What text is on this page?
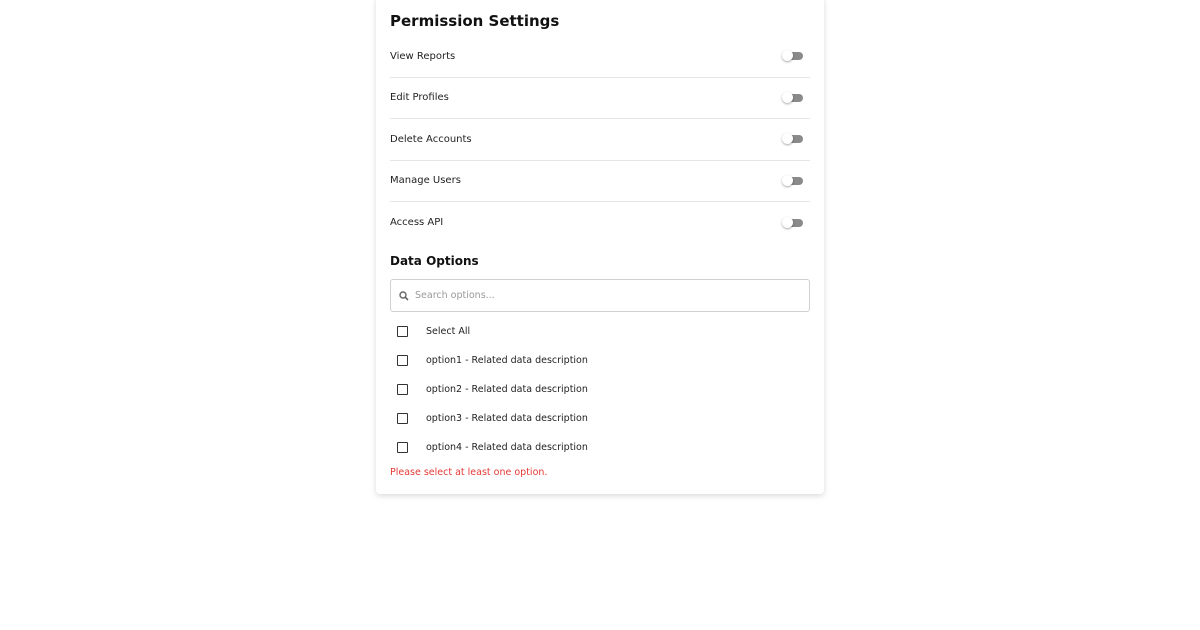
Permission Settings
View Reports
Edit Profiles
Delete Accounts
Manage Users
Access API
Data Options
Search options...
Select All
option1 - Related data description
option2 - Related data description
option3 - Related data description
option4 - Related data description
Please select at least one option.
